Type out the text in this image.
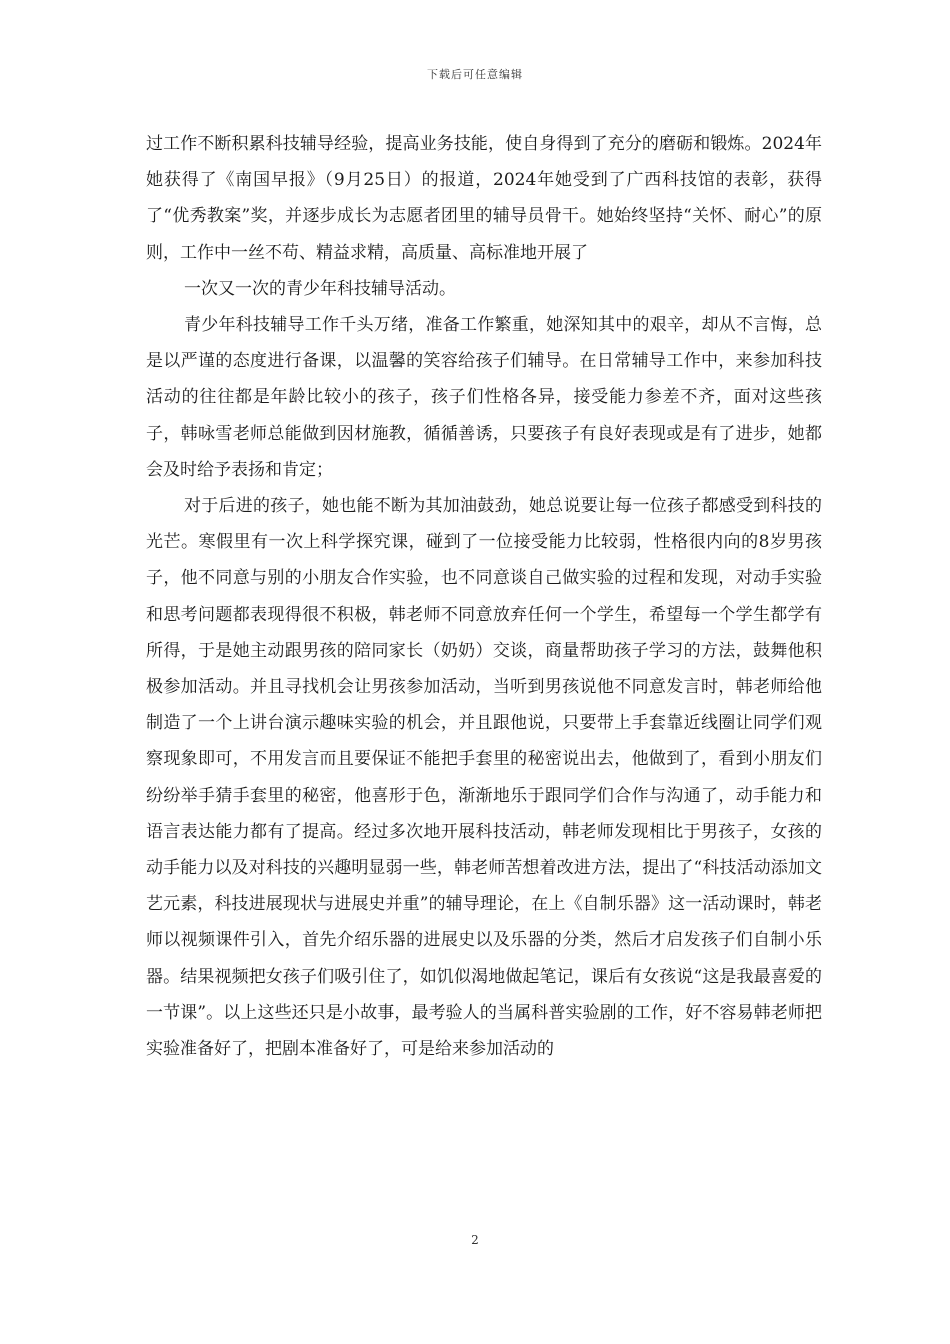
下载后可任意编辑

过工作不断积累科技辅导经验，提高业务技能，使自身得到了充分的磨砺和锻炼。2024年她获得了《南国早报》（9月25日）的报道，2024年她受到了广西科技馆的表彰，获得了“优秀教案”奖，并逐步成长为志愿者团里的辅导员骨干。她始终坚持“关怀、耐心”的原则，工作中一丝不苟、精益求精，高质量、高标准地开展了

一次又一次的青少年科技辅导活动。

青少年科技辅导工作千头万绪，准备工作繁重，她深知其中的艰辛，却从不言悔，总是以严谨的态度进行备课，以温馨的笑容给孩子们辅导。在日常辅导工作中，来参加科技活动的往往都是年龄比较小的孩子，孩子们性格各异，接受能力参差不齐，面对这些孩子，韩咏雪老师总能做到因材施教，循循善诱，只要孩子有良好表现或是有了进步，她都会及时给予表扬和肯定；

对于后进的孩子，她也能不断为其加油鼓劲，她总说要让每一位孩子都感受到科技的光芒。寒假里有一次上科学探究课，碰到了一位接受能力比较弱，性格很内向的8岁男孩子，他不同意与别的小朋友合作实验，也不同意谈自己做实验的过程和发现，对动手实验和思考问题都表现得很不积极，韩老师不同意放弃任何一个学生，希望每一个学生都学有所得，于是她主动跟男孩的陪同家长（奶奶）交谈，商量帮助孩子学习的方法，鼓舞他积极参加活动。并且寻找机会让男孩参加活动，当听到男孩说他不同意发言时，韩老师给他制造了一个上讲台演示趣味实验的机会，并且跟他说，只要带上手套靠近线圈让同学们观察现象即可，不用发言而且要保证不能把手套里的秘密说出去，他做到了，看到小朋友们纷纷举手猜手套里的秘密，他喜形于色，渐渐地乐于跟同学们合作与沟通了，动手能力和语言表达能力都有了提高。经过多次地开展科技活动，韩老师发现相比于男孩子，女孩的动手能力以及对科技的兴趣明显弱一些，韩老师苦想着改进方法，提出了“科技活动添加文艺元素，科技进展现状与进展史并重”的辅导理论，在上《自制乐器》这一活动课时，韩老师以视频课件引入，首先介绍乐器的进展史以及乐器的分类，然后才启发孩子们自制小乐器。结果视频把女孩子们吸引住了，如饥似渴地做起笔记，课后有女孩说“这是我最喜爱的一节课”。以上这些还只是小故事，最考验人的当属科普实验剧的工作，好不容易韩老师把实验准备好了，把剧本准备好了，可是给来参加活动的

2
